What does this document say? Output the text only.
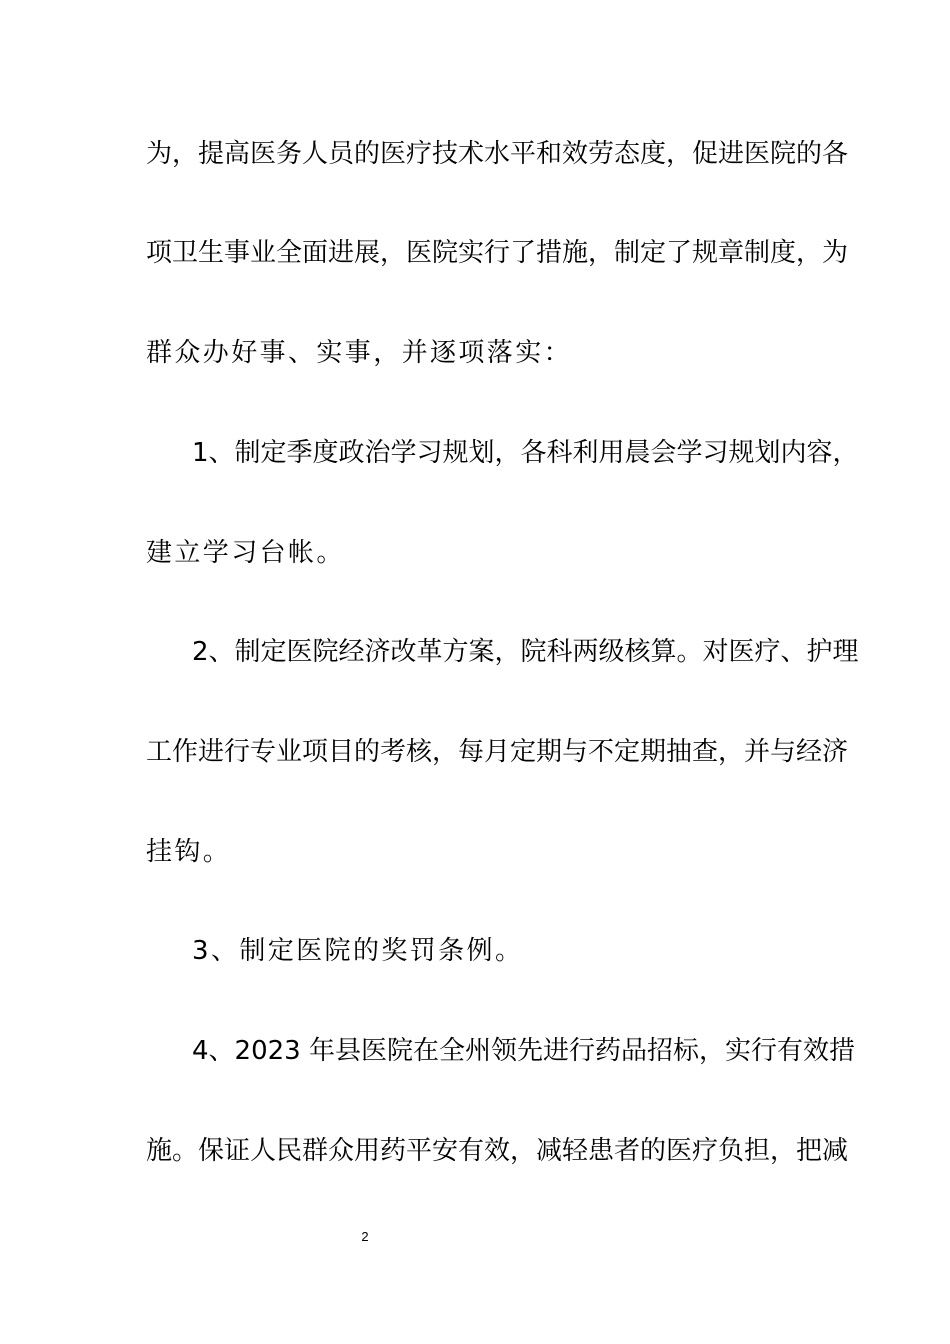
为，提高医务人员的医疗技术水平和效劳态度，促进医院的各
项卫生事业全面进展，医院实行了措施，制定了规章制度，为
群众办好事、实事，并逐项落实：
1、制定季度政治学习规划，各科利用晨会学习规划内容，
建立学习台帐。
2、制定医院经济改革方案，院科两级核算。对医疗、护理
工作进行专业项目的考核，每月定期与不定期抽查，并与经济
挂钩。
3、制定医院的奖罚条例。
4、2023 年县医院在全州领先进行药品招标，实行有效措
施。保证人民群众用药平安有效，减轻患者的医疗负担，把减
2
